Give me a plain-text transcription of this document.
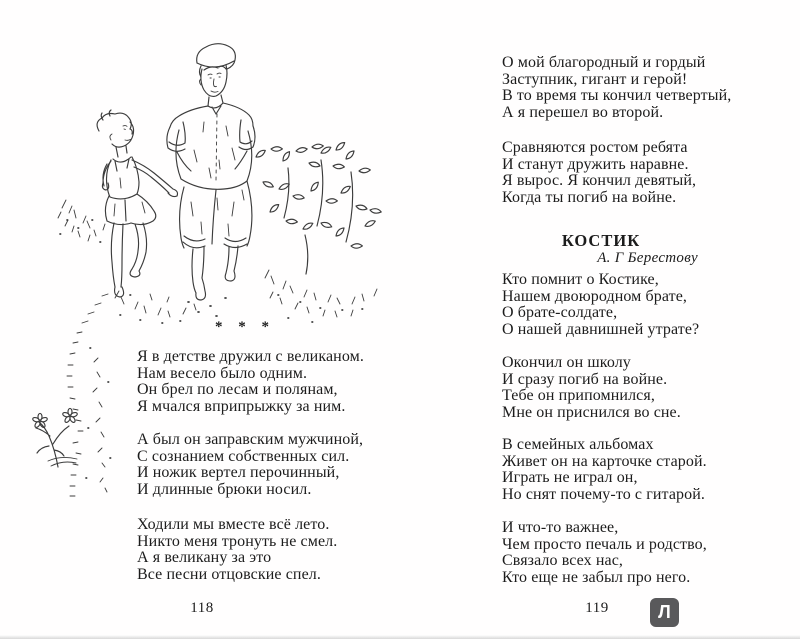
* * *
Я в детстве дружил с великаном.
Нам весело было одним.
Он брел по лесам и полянам,
Я мчался вприпрыжку за ним.
А был он заправским мужчиной,
С сознанием собственных сил.
И ножик вертел перочинный,
И длинные брюки носил.
Ходили мы вместе всё лето.
Никто меня тронуть не смел.
А я великану за это
Все песни отцовские спел.
118
О мой благородный и гордый
Заступник, гигант и герой!
В то время ты кончил четвертый,
А я перешел во второй.
Сравняются ростом ребята
И станут дружить наравне.
Я вырос. Я кончил девятый,
Когда ты погиб на войне.
КОСТИК
А. Г Берестову
Кто помнит о Костике,
Нашем двоюродном брате,
О брате-солдате,
О нашей давнишней утрате?
Окончил он школу
И сразу погиб на войне.
Тебе он припомнился,
Мне он приснился во сне.
В семейных альбомах
Живет он на карточке старой.
Играть не играл он,
Но снят почему-то с гитарой.
И что-то важнее,
Чем просто печаль и родство,
Связало всех нас,
Кто еще не забыл про него.
119	Л
